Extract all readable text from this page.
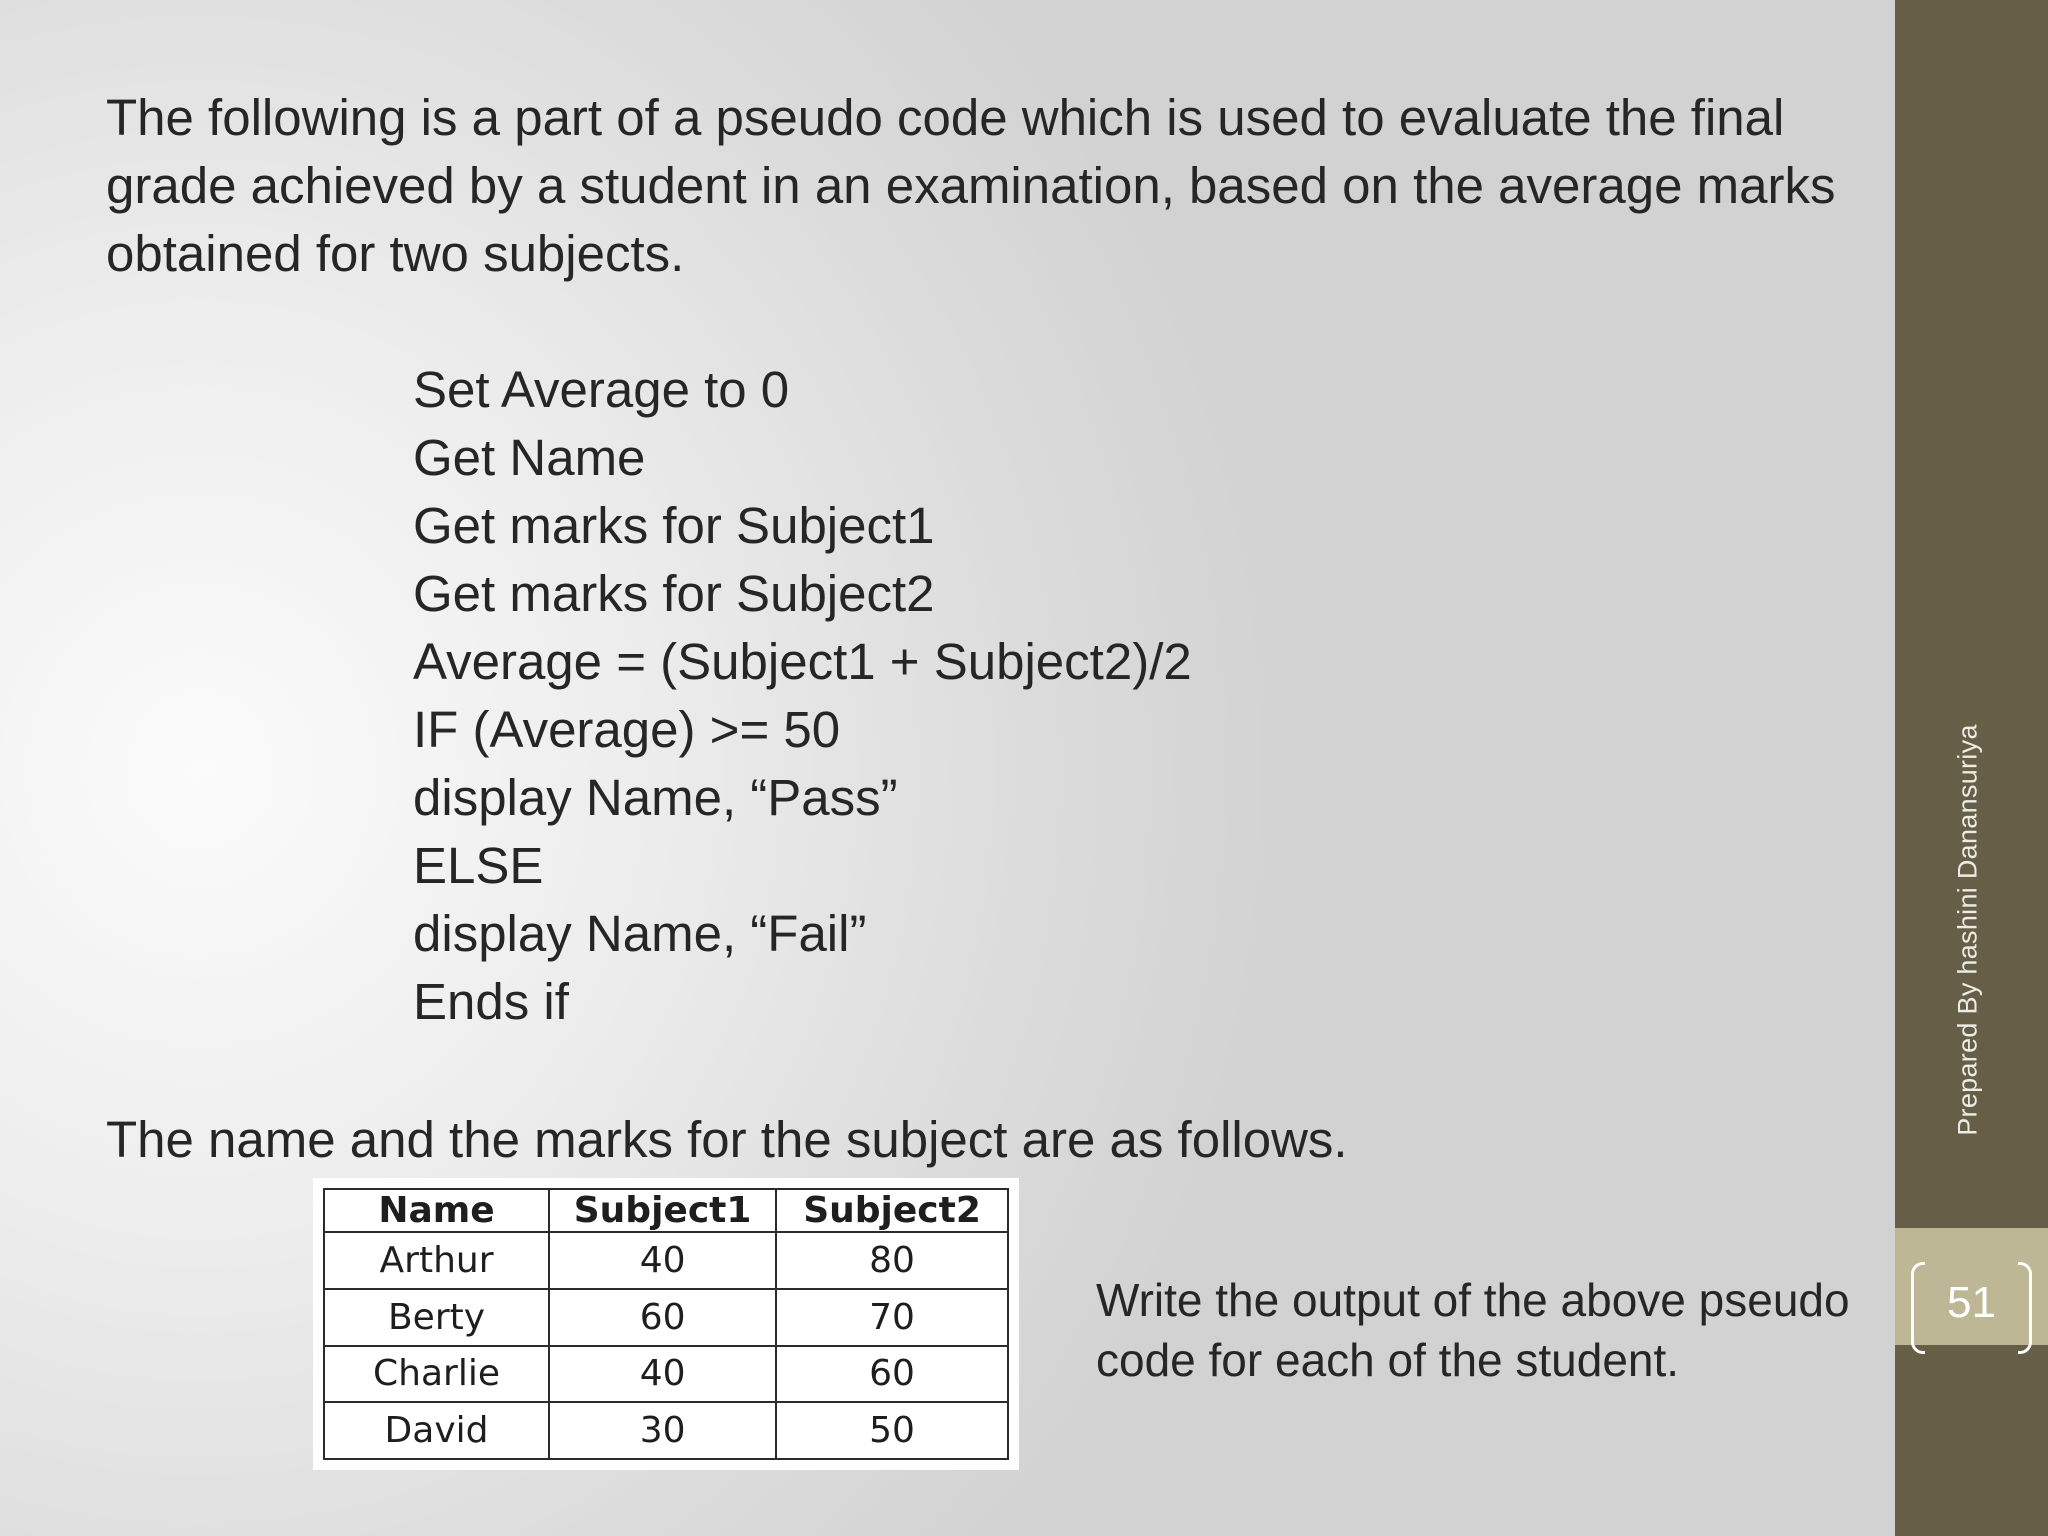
The following is a part of a pseudo code which is used to evaluate the final grade achieved by a student in an examination, based on the average marks obtained for two subjects.

Set Average to 0
Get Name
Get marks for Subject1
Get marks for Subject2
Average = (Subject1 + Subject2)/2
IF (Average) >= 50
display Name, “Pass”
ELSE
display Name, “Fail”
Ends if
The name and the marks for the subject are as follows.
Name	Subject1	Subject2
Arthur	40	80
Berty	60	70
Charlie	40	60
David	30	50

Write the output of the above pseudo code for each of the student.

Prepared By hashini Danansuriya
51
